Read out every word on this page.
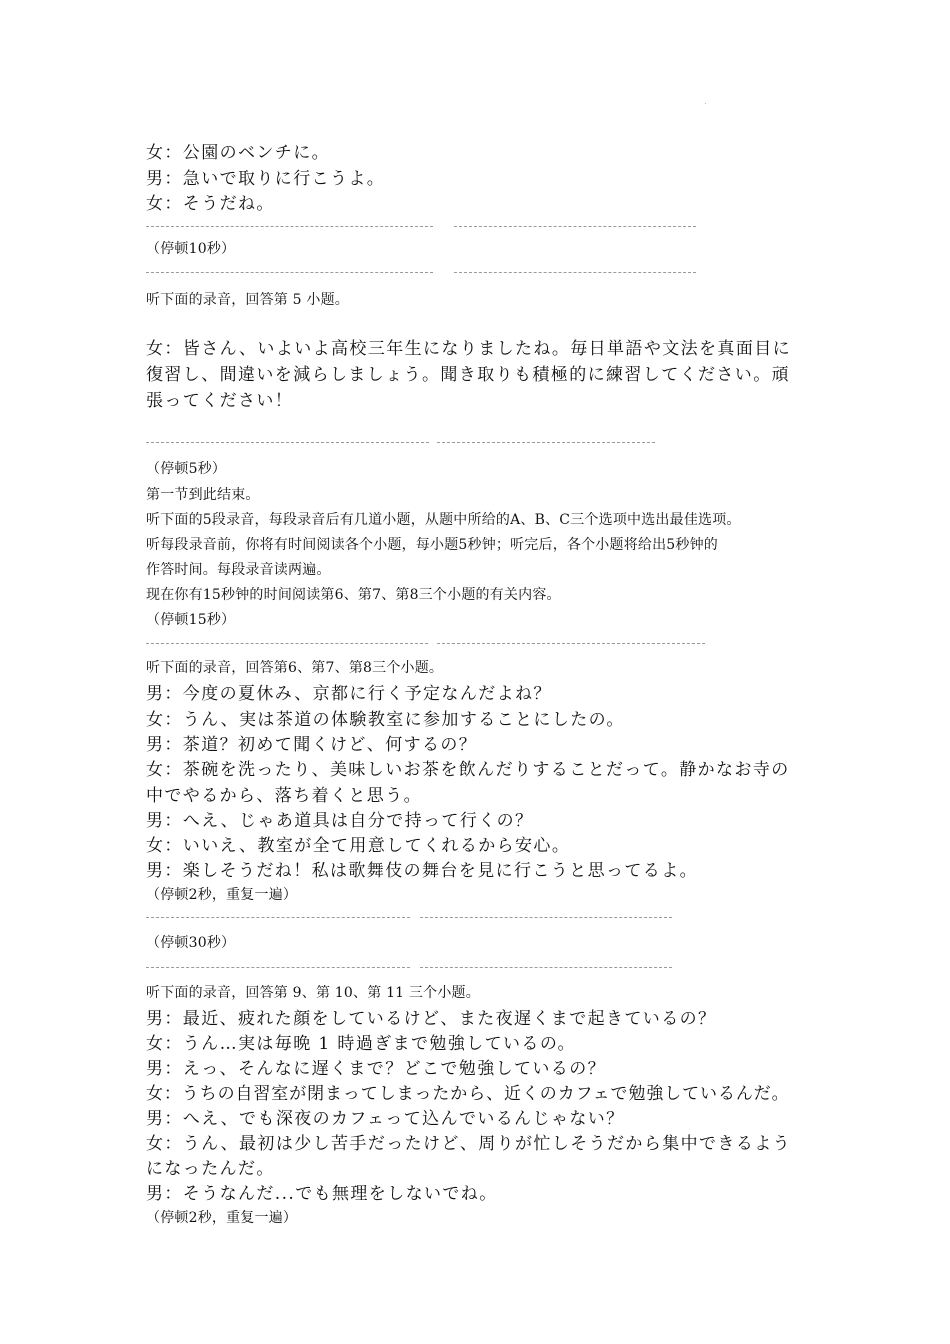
女：公園のベンチに。
男：急いで取りに行こうよ。
女：そうだね。
（停顿10秒）
听下面的录音，回答第 5 小题。
女：皆さん、いよいよ高校三年生になりましたね。毎日単語や文法を真面目に
復習し、間違いを減らしましょう。聞き取りも積極的に練習してください。頑
張ってください！
（停顿5秒）
第一节到此结束。
听下面的5段录音，每段录音后有几道小题，从题中所给的A、B、C三个选项中选出最佳选项。
听每段录音前，你将有时间阅读各个小题，每小题5秒钟；听完后，各个小题将给出5秒钟的
作答时间。每段录音读两遍。
现在你有15秒钟的时间阅读第6、第7、第8三个小题的有关内容。
（停顿15秒）
听下面的录音，回答第6、第7、第8三个小题。
男：今度の夏休み、京都に行く予定なんだよね？
女：うん、実は茶道の体験教室に参加することにしたの。
男：茶道？初めて聞くけど、何するの？
女：茶碗を洗ったり、美味しいお茶を飲んだりすることだって。静かなお寺の
中でやるから、落ち着くと思う。
男：へえ、じゃあ道具は自分で持って行くの？
女：いいえ、教室が全て用意してくれるから安心。
男：楽しそうだね！私は歌舞伎の舞台を見に行こうと思ってるよ。
（停顿2秒，重复一遍）
（停顿30秒）
听下面的录音，回答第 9、第 10、第 11 三个小题。
男：最近、疲れた顔をしているけど、また夜遅くまで起きているの？
女：うん…実は毎晩 1 時過ぎまで勉強しているの。
男：えっ、そんなに遅くまで？どこで勉強しているの？
女：うちの自習室が閉まってしまったから、近くのカフェで勉強しているんだ。
男：へえ、でも深夜のカフェって込んでいるんじゃない？
女：うん、最初は少し苦手だったけど、周りが忙しそうだから集中できるよう
になったんだ。
男：そうなんだ...でも無理をしないでね。
（停顿2秒，重复一遍）
